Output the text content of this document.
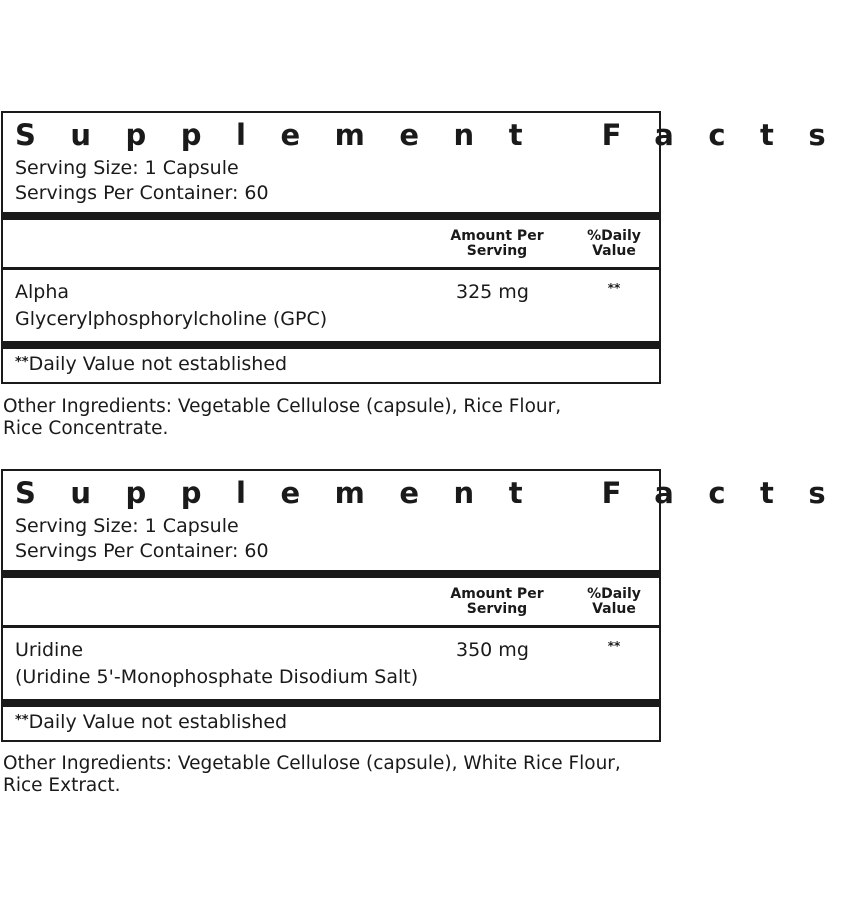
Supplement Facts
Serving Size: 1 Capsule
Servings Per Container: 60
Amount Per
Serving
%Daily
Value
Alpha
Glycerylphosphorylcholine (GPC)
325 mg	**
**Daily Value not established
Other Ingredients: Vegetable Cellulose (capsule), Rice Flour,
Rice Concentrate.
Supplement Facts
Serving Size: 1 Capsule
Servings Per Container: 60
Amount Per
Serving
%Daily
Value
Uridine
(Uridine 5'-Monophosphate Disodium Salt)
350 mg	**
**Daily Value not established
Other Ingredients: Vegetable Cellulose (capsule), White Rice Flour,
Rice Extract.
